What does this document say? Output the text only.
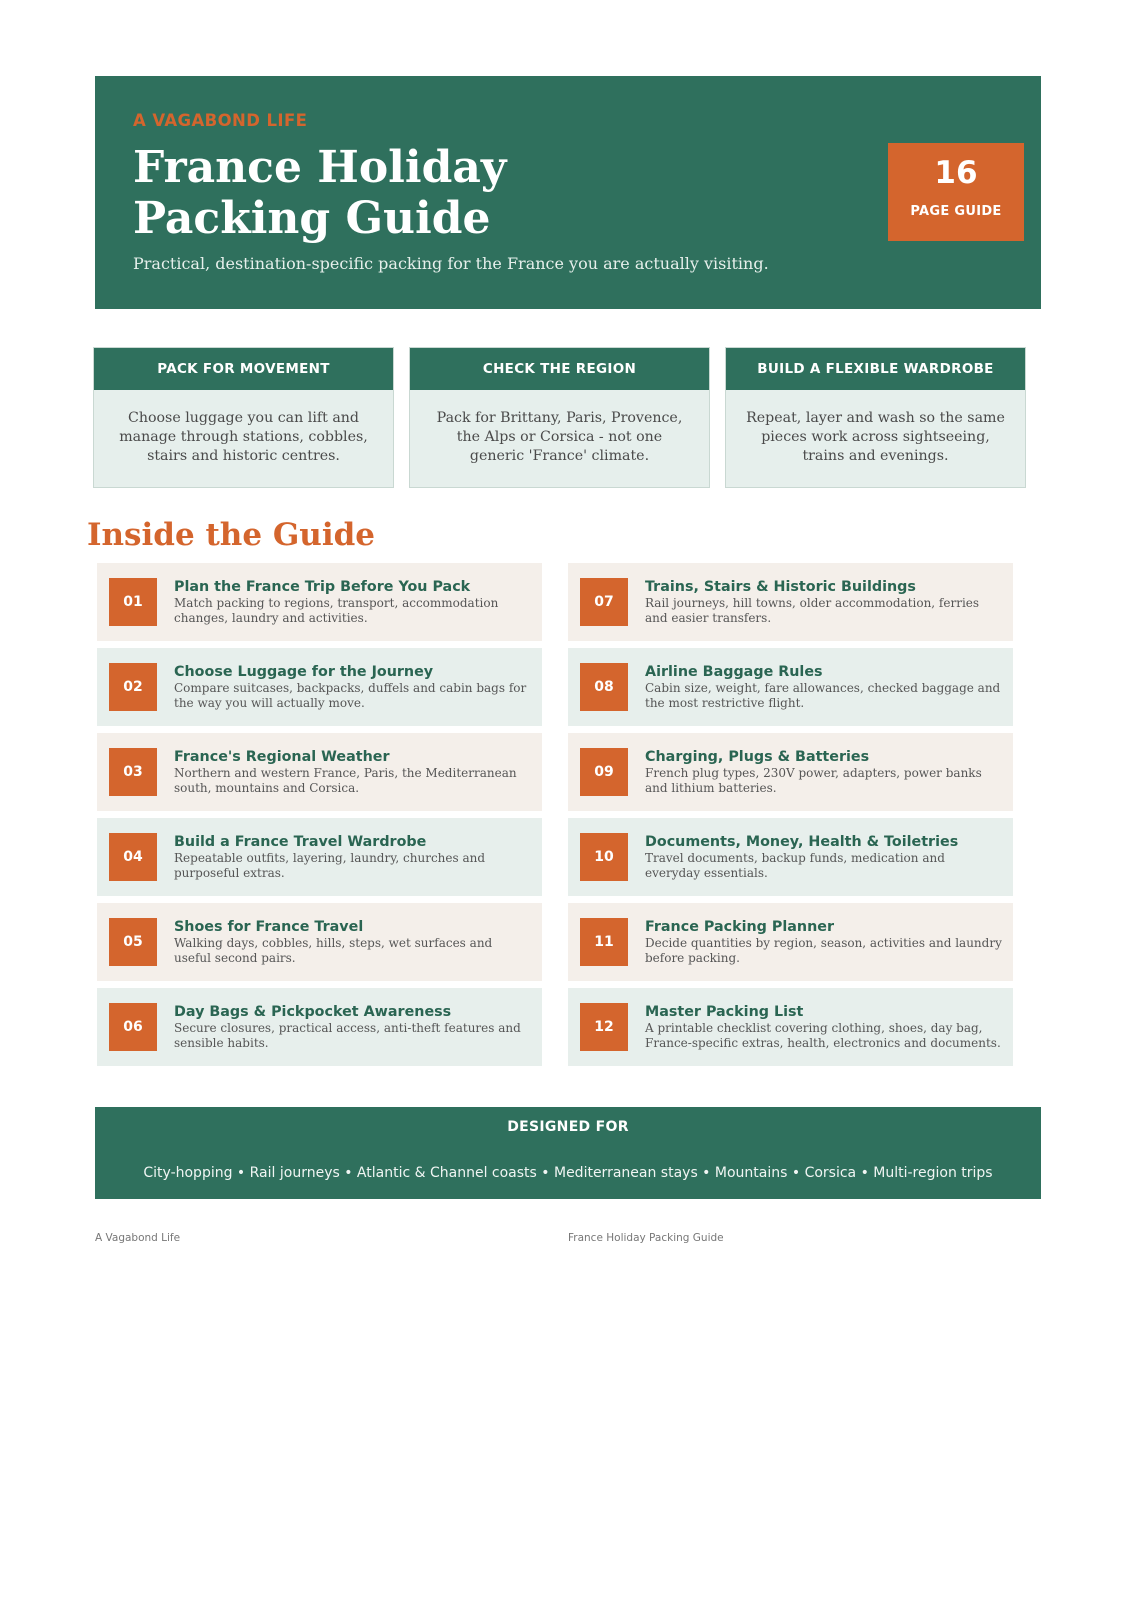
A VAGABOND LIFE
France Holiday
Packing Guide
Practical, destination-specific packing for the France you are actually visiting.
16
PAGE GUIDE
PACK FOR MOVEMENT
Choose luggage you can lift and manage through stations, cobbles, stairs and historic centres.
CHECK THE REGION
Pack for Brittany, Paris, Provence, the Alps or Corsica - not one generic 'France' climate.
BUILD A FLEXIBLE WARDROBE
Repeat, layer and wash so the same pieces work across sightseeing, trains and evenings.
Inside the Guide
01
Plan the France Trip Before You Pack
Match packing to regions, transport, accommodation changes, laundry and activities.
02
Choose Luggage for the Journey
Compare suitcases, backpacks, duffels and cabin bags for the way you will actually move.
03
France's Regional Weather
Northern and western France, Paris, the Mediterranean south, mountains and Corsica.
04
Build a France Travel Wardrobe
Repeatable outfits, layering, laundry, churches and purposeful extras.
05
Shoes for France Travel
Walking days, cobbles, hills, steps, wet surfaces and useful second pairs.
06
Day Bags & Pickpocket Awareness
Secure closures, practical access, anti-theft features and sensible habits.
07
Trains, Stairs & Historic Buildings
Rail journeys, hill towns, older accommodation, ferries and easier transfers.
08
Airline Baggage Rules
Cabin size, weight, fare allowances, checked baggage and the most restrictive flight.
09
Charging, Plugs & Batteries
French plug types, 230V power, adapters, power banks and lithium batteries.
10
Documents, Money, Health & Toiletries
Travel documents, backup funds, medication and everyday essentials.
11
France Packing Planner
Decide quantities by region, season, activities and laundry before packing.
12
Master Packing List
A printable checklist covering clothing, shoes, day bag, France-specific extras, health, electronics and documents.
DESIGNED FOR
City-hopping • Rail journeys • Atlantic & Channel coasts • Mediterranean stays • Mountains • Corsica • Multi-region trips
A Vagabond Life	France Holiday Packing Guide
